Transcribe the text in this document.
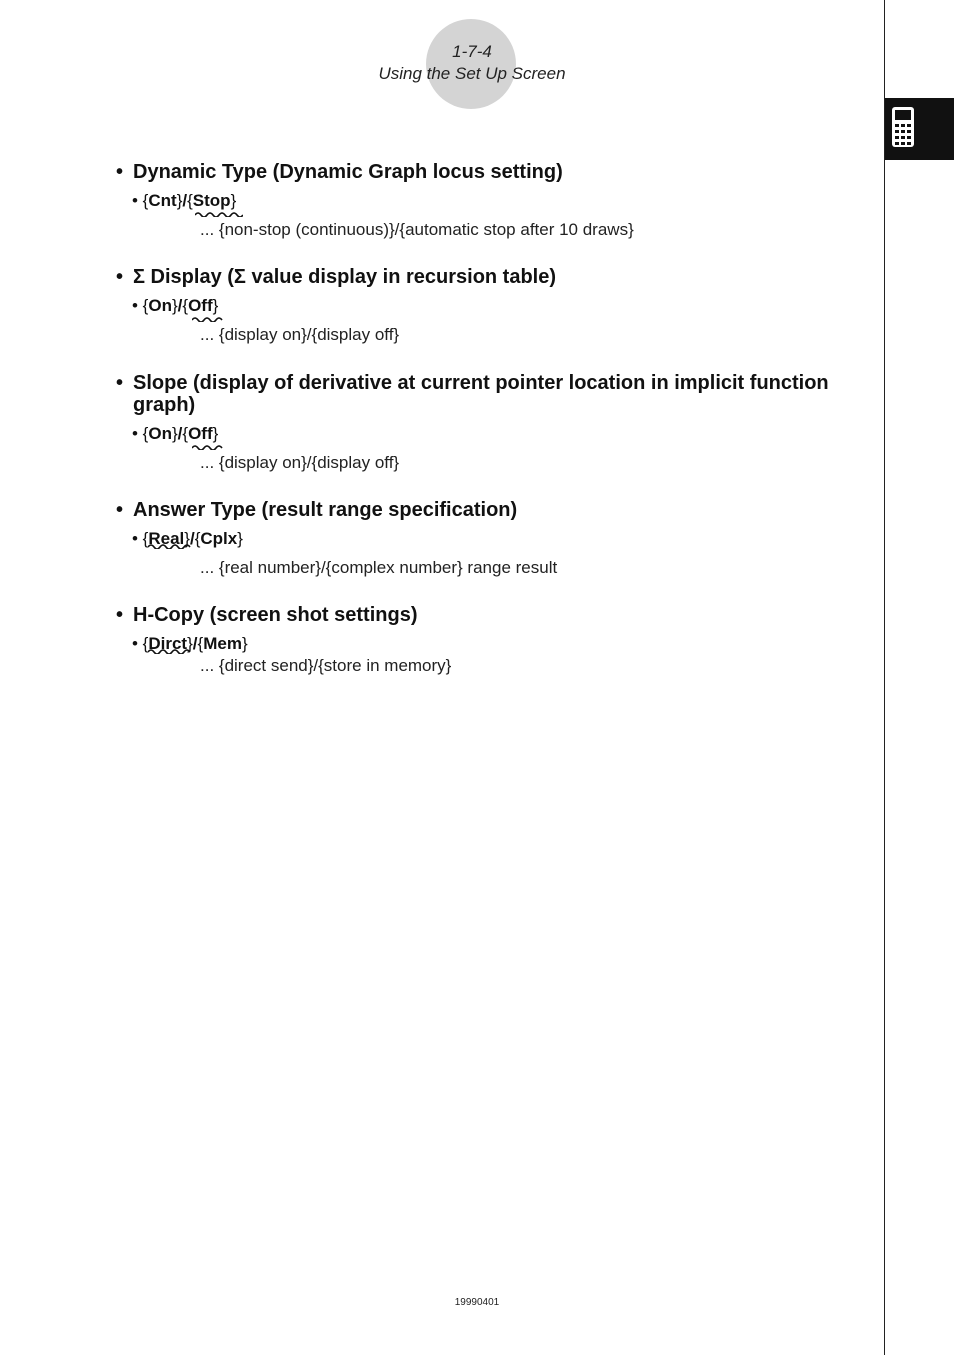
1-7-4
Using the Set Up Screen
• Dynamic Type (Dynamic Graph locus setting)
• {Cnt}/{Stop}
... {non-stop (continuous)}/{automatic stop after 10 draws}
• Σ Display (Σ value display in recursion table)
• {On}/{Off}
... {display on}/{display off}
• Slope (display of derivative at current pointer location in implicit function graph)
• {On}/{Off}
... {display on}/{display off}
• Answer Type (result range specification)
• {Real}/{Cplx}
... {real number}/{complex number} range result
• H-Copy (screen shot settings)
• {Dirct}/{Mem}
... {direct send}/{store in memory}
19990401
